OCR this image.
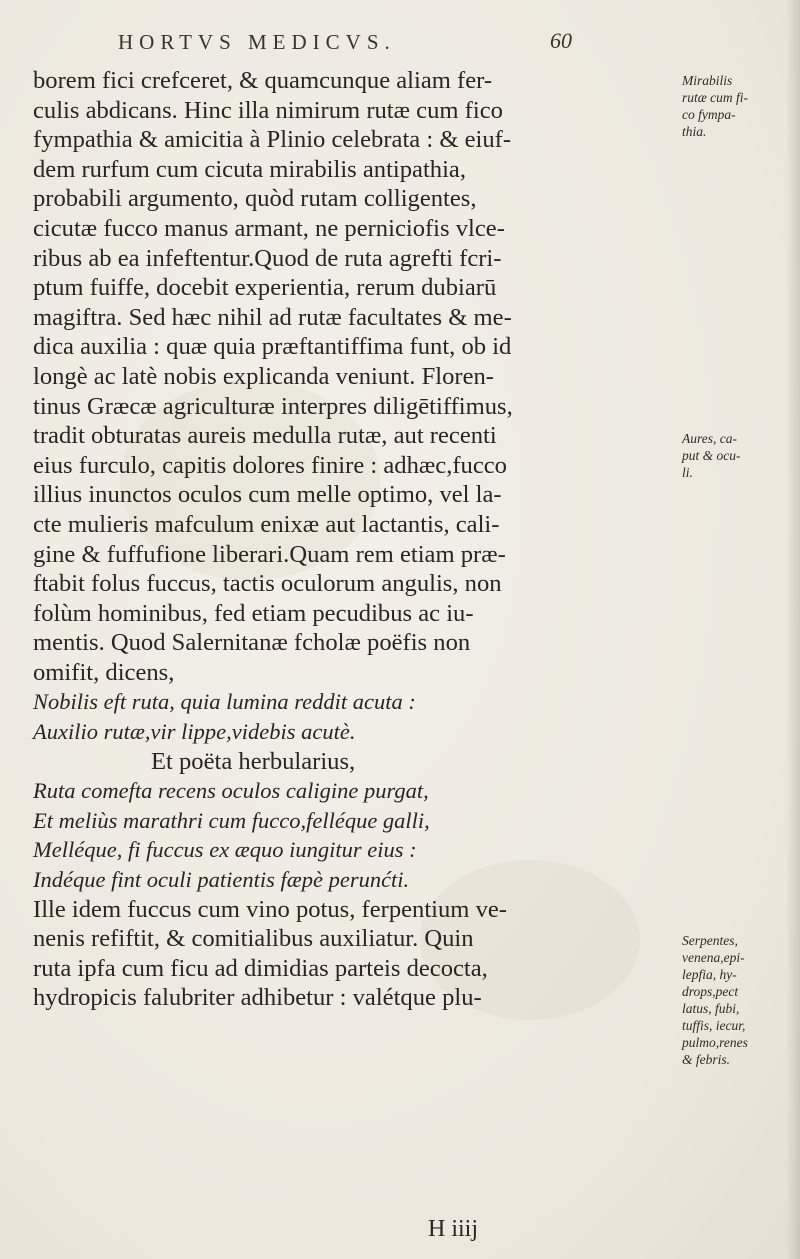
HORTVS MEDICVS.	60
borem fici crefceret, & quamcunque aliam fer-
culis abdicans. Hinc illa nimirum rutæ cum fico
fympathia & amicitia à Plinio celebrata : & eiuf-
dem rurfum cum cicuta mirabilis antipathia,
probabili argumento, quòd rutam colligentes,
cicutæ fucco manus armant, ne perniciofis vlce-
ribus ab ea infeftentur.Quod de ruta agrefti fcri-
ptum fuiffe, docebit experientia, rerum dubiarū
magiftra. Sed hæc nihil ad rutæ facultates & me-
dica auxilia : quæ quia præftantiffima funt, ob id
longè ac latè nobis explicanda veniunt. Floren-
tinus Græcæ agriculturæ interpres diligētiffimus,
tradit obturatas aureis medulla rutæ, aut recenti
eius furculo, capitis dolores finire : adhæc,fucco
illius inunctos oculos cum melle optimo, vel la-
cte mulieris mafculum enixæ aut lactantis, cali-
gine & fuffufione liberari.Quam rem etiam præ-
ftabit folus fuccus, tactis oculorum angulis, non
folùm hominibus, fed etiam pecudibus ac iu-
mentis. Quod Salernitanæ fcholæ poëfis non
omifit, dicens,
Nobilis eft ruta, quia lumina reddit acuta :
Auxilio rutæ,vir lippe,videbis acutè.
Et poëta herbularius,
Ruta comefta recens oculos caligine purgat,
Et meliùs marathri cum fucco,felléque galli,
Melléque, fi fuccus ex æquo iungitur eius :
Indéque fint oculi patientis fæpè perunćti.
Ille idem fuccus cum vino potus, ferpentium ve-
nenis refiftit, & comitialibus auxiliatur. Quin
ruta ipfa cum ficu ad dimidias parteis decocta,
hydropicis falubriter adhibetur : valétque plu-
Mirabilis
rutæ cum fi-
co fympa-
thia.
Aures, ca-
put & ocu-
li.
Serpentes,
venena,epi-
lepfia, hy-
drops,pect
latus, fubi,
tuffis, iecur,
pulmo,renes
& febris.
H iiij
